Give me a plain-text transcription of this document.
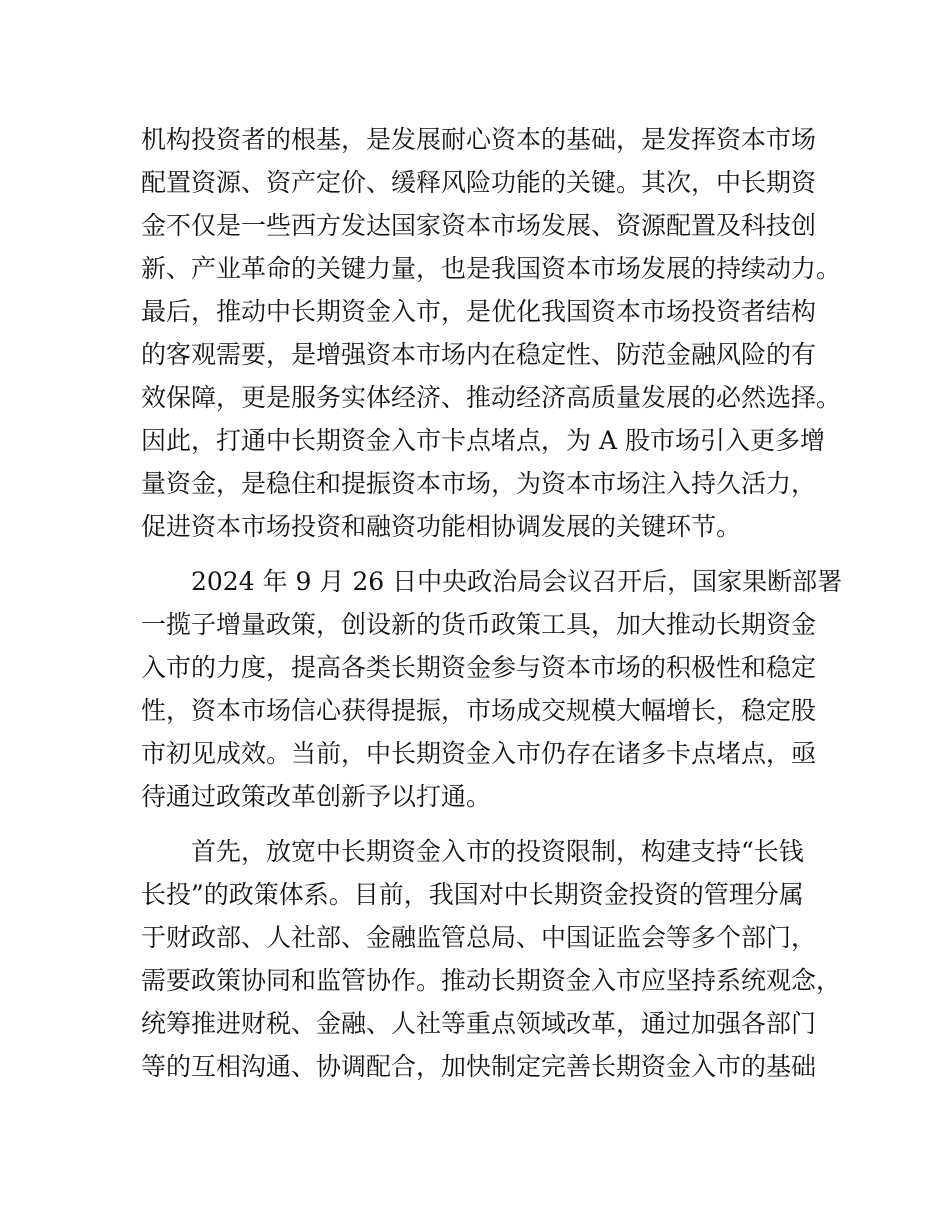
机构投资者的根基，是发展耐心资本的基础，是发挥资本市场
配置资源、资产定价、缓释风险功能的关键。其次，中长期资
金不仅是一些西方发达国家资本市场发展、资源配置及科技创
新、产业革命的关键力量，也是我国资本市场发展的持续动力。
最后，推动中长期资金入市，是优化我国资本市场投资者结构
的客观需要，是增强资本市场内在稳定性、防范金融风险的有
效保障，更是服务实体经济、推动经济高质量发展的必然选择。
因此，打通中长期资金入市卡点堵点，为 A 股市场引入更多增
量资金，是稳住和提振资本市场，为资本市场注入持久活力，
促进资本市场投资和融资功能相协调发展的关键环节。
　　2024 年 9 月 26 日中央政治局会议召开后，国家果断部署
一揽子增量政策，创设新的货币政策工具，加大推动长期资金
入市的力度，提高各类长期资金参与资本市场的积极性和稳定
性，资本市场信心获得提振，市场成交规模大幅增长，稳定股
市初见成效。当前，中长期资金入市仍存在诸多卡点堵点，亟
待通过政策改革创新予以打通。
　　首先，放宽中长期资金入市的投资限制，构建支持“长钱
长投”的政策体系。目前，我国对中长期资金投资的管理分属
于财政部、人社部、金融监管总局、中国证监会等多个部门，
需要政策协同和监管协作。推动长期资金入市应坚持系统观念，
统筹推进财税、金融、人社等重点领域改革，通过加强各部门
等的互相沟通、协调配合，加快制定完善长期资金入市的基础
